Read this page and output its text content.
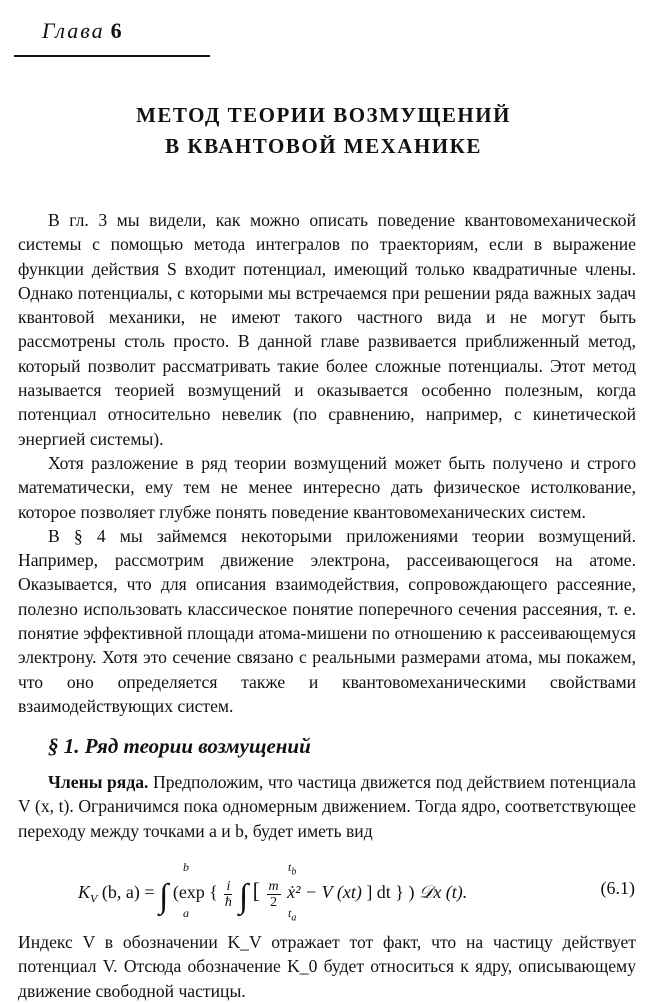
Глава 6
МЕТОД ТЕОРИИ ВОЗМУЩЕНИЙ
В КВАНТОВОЙ МЕХАНИКЕ

В гл. 3 мы видели, как можно описать поведение квантовомеханической системы с помощью метода интегралов по траекториям, если в выражение функции действия S входит потенциал, имеющий только квадратичные члены. Однако потенциалы, с которыми мы встречаемся при решении ряда важных задач квантовой механики, не имеют такого частного вида и не могут быть рассмотрены столь просто. В данной главе развивается приближенный метод, который позволит рассматривать такие более сложные потенциалы. Этот метод называется теорией возмущений и оказывается особенно полезным, когда потенциал относительно невелик (по сравнению, например, с кинетической энергией системы).

Хотя разложение в ряд теории возмущений может быть получено и строго математически, ему тем не менее интересно дать физическое истолкование, которое позволяет глубже понять поведение квантовомеханических систем.

В § 4 мы займемся некоторыми приложениями теории возмущений. Например, рассмотрим движение электрона, рассеивающегося на атоме. Оказывается, что для описания взаимодействия, сопровождающего рассеяние, полезно использовать классическое понятие поперечного сечения рассеяния, т. е. понятие эффективной площади атома-мишени по отношению к рассеивающемуся электрону. Хотя это сечение связано с реальными размерами атома, мы покажем, что оно определяется также и квантовомеханическими свойствами взаимодействующих систем.

§ 1. Ряд теории возмущений

Члены ряда. Предположим, что частица движется под действием потенциала V (x, t). Ограничимся пока одномерным движением. Тогда ядро, соответствующее переходу между точками a и b, будет иметь вид

b
a
$t_b$
$t_a$
$K_V$ (b, a) = ∫ (exp { $\frac{i}{ħ}$ ∫ [ $\frac{m}{2}$ ẋ² − V (xt) ] dt } ) 𝒟x (t).	(6.1)

Индекс V в обозначении K_V отражает тот факт, что на частицу действует потенциал V. Отсюда обозначение K_0 будет относиться к ядру, описывающему движение свободной частицы.
